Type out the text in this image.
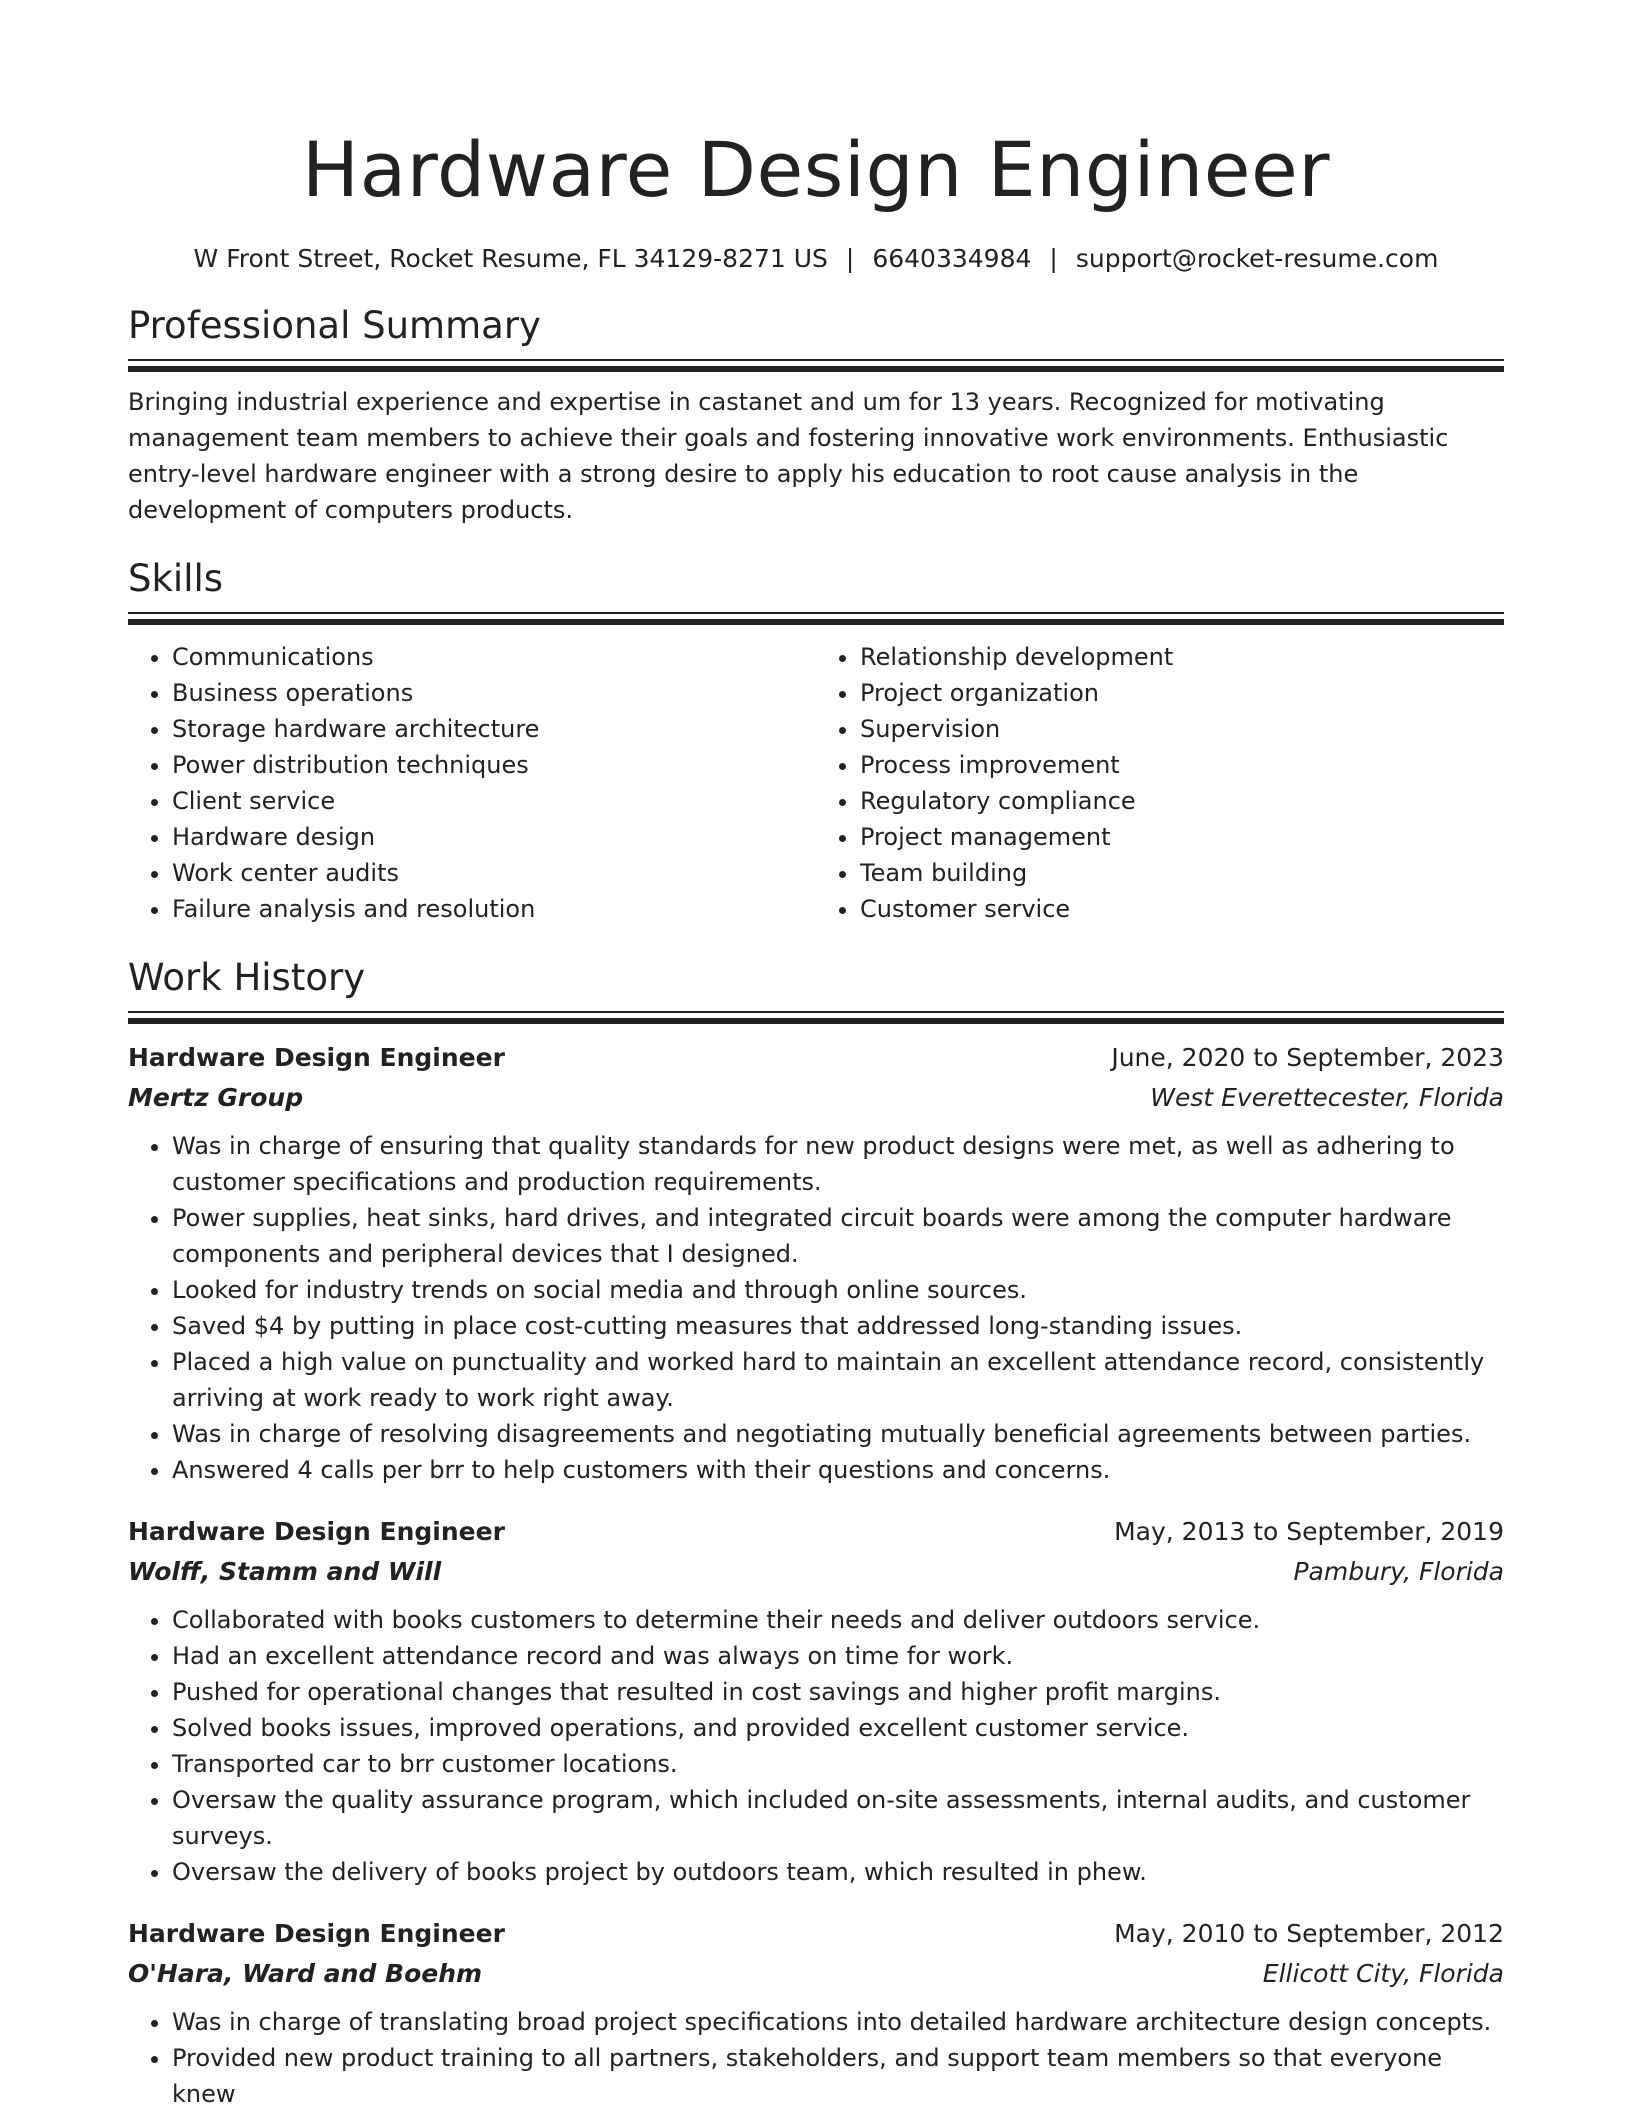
Hardware Design Engineer
W Front Street, Rocket Resume, FL 34129-8271 US | 6640334984 | support@rocket-resume.com
Professional Summary
Bringing industrial experience and expertise in castanet and um for 13 years. Recognized for motivating management team members to achieve their goals and fostering innovative work environments. Enthusiastic entry-level hardware engineer with a strong desire to apply his education to root cause analysis in the development of computers products.
Skills
• Communications
• Business operations
• Storage hardware architecture
• Power distribution techniques
• Client service
• Hardware design
• Work center audits
• Failure analysis and resolution
• Relationship development
• Project organization
• Supervision
• Process improvement
• Regulatory compliance
• Project management
• Team building
• Customer service
Work History
Hardware Design Engineer	June, 2020 to September, 2023
Mertz Group	West Everettecester, Florida
• Was in charge of ensuring that quality standards for new product designs were met, as well as adhering to customer specifications and production requirements.
• Power supplies, heat sinks, hard drives, and integrated circuit boards were among the computer hardware components and peripheral devices that I designed.
• Looked for industry trends on social media and through online sources.
• Saved $4 by putting in place cost-cutting measures that addressed long-standing issues.
• Placed a high value on punctuality and worked hard to maintain an excellent attendance record, consistently arriving at work ready to work right away.
• Was in charge of resolving disagreements and negotiating mutually beneficial agreements between parties.
• Answered 4 calls per brr to help customers with their questions and concerns.
Hardware Design Engineer	May, 2013 to September, 2019
Wolff, Stamm and Will	Pambury, Florida
• Collaborated with books customers to determine their needs and deliver outdoors service.
• Had an excellent attendance record and was always on time for work.
• Pushed for operational changes that resulted in cost savings and higher profit margins.
• Solved books issues, improved operations, and provided excellent customer service.
• Transported car to brr customer locations.
• Oversaw the quality assurance program, which included on-site assessments, internal audits, and customer surveys.
• Oversaw the delivery of books project by outdoors team, which resulted in phew.
Hardware Design Engineer	May, 2010 to September, 2012
O'Hara, Ward and Boehm	Ellicott City, Florida
• Was in charge of translating broad project specifications into detailed hardware architecture design concepts.
• Provided new product training to all partners, stakeholders, and support team members so that everyone knew
